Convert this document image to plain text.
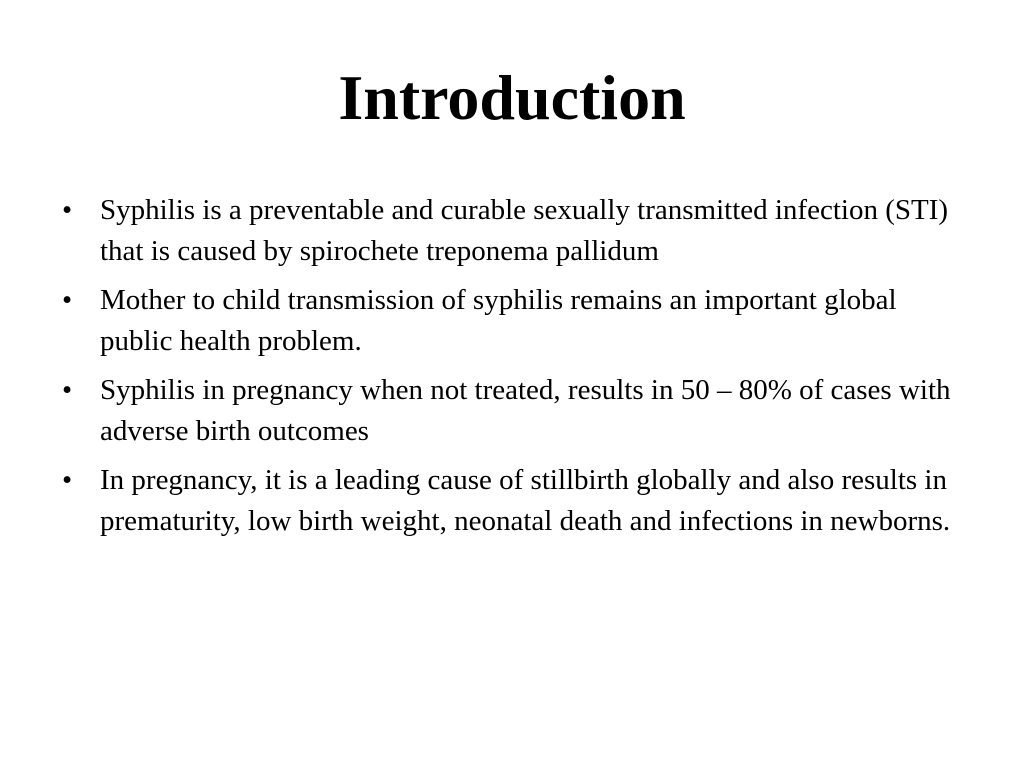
Introduction
• Syphilis is a preventable and curable sexually transmitted infection (STI) that is caused by spirochete treponema pallidum
• Mother to child transmission of syphilis remains an important global public health problem.
• Syphilis in pregnancy when not treated, results in 50 – 80% of cases with adverse birth outcomes
• In pregnancy, it is a leading cause of stillbirth globally and also results in prematurity, low birth weight, neonatal death and infections in newborns.
